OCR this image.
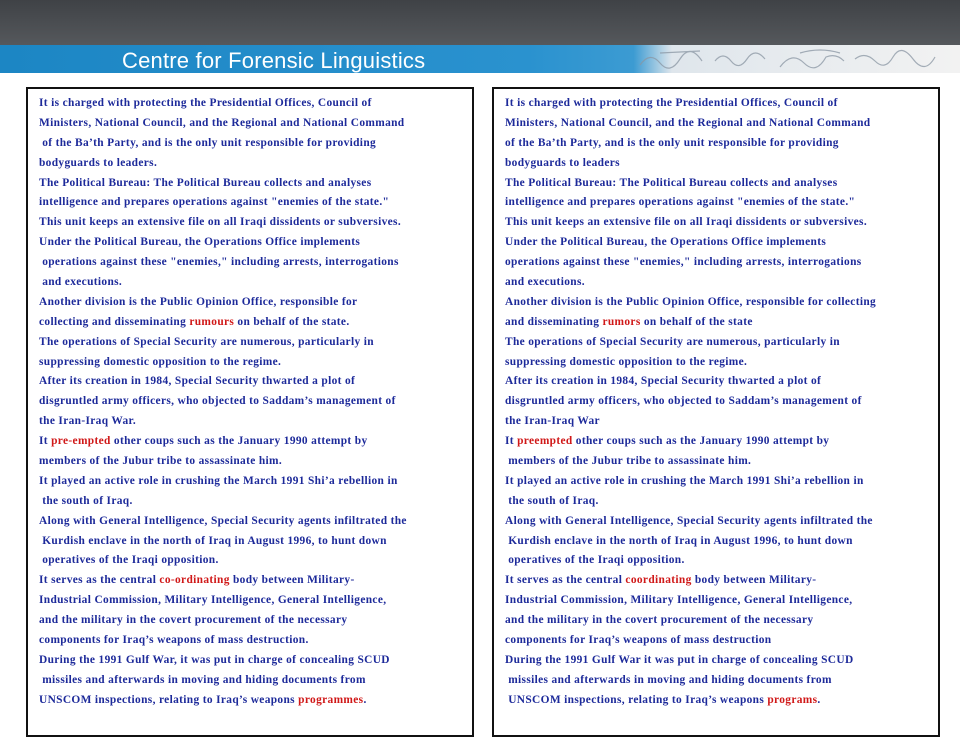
Centre for Forensic Linguistics
It is charged with protecting the Presidential Offices, Council of
Ministers, National Council, and the Regional and National Command
of the Ba’th Party, and is the only unit responsible for providing
bodyguards to leaders.
The Political Bureau: The Political Bureau collects and analyses
intelligence and prepares operations against "enemies of the state."
This unit keeps an extensive file on all Iraqi dissidents or subversives.
Under the Political Bureau, the Operations Office implements
operations against these "enemies," including arrests, interrogations
and executions.
Another division is the Public Opinion Office, responsible for
collecting and disseminating rumours on behalf of the state.
The operations of Special Security are numerous, particularly in
suppressing domestic opposition to the regime.
After its creation in 1984, Special Security thwarted a plot of
disgruntled army officers, who objected to Saddam’s management of
the Iran-Iraq War.
It pre-empted other coups such as the January 1990 attempt by
members of the Jubur tribe to assassinate him.
It played an active role in crushing the March 1991 Shi’a rebellion in
the south of Iraq.
Along with General Intelligence, Special Security agents infiltrated the
Kurdish enclave in the north of Iraq in August 1996, to hunt down
operatives of the Iraqi opposition.
It serves as the central co-ordinating body between Military-
Industrial Commission, Military Intelligence, General Intelligence,
and the military in the covert procurement of the necessary
components for Iraq’s weapons of mass destruction.
During the 1991 Gulf War, it was put in charge of concealing SCUD
missiles and afterwards in moving and hiding documents from
UNSCOM inspections, relating to Iraq’s weapons programmes.
It is charged with protecting the Presidential Offices, Council of
Ministers, National Council, and the Regional and National Command
of the Ba’th Party, and is the only unit responsible for providing
bodyguards to leaders
The Political Bureau: The Political Bureau collects and analyses
intelligence and prepares operations against "enemies of the state."
This unit keeps an extensive file on all Iraqi dissidents or subversives.
Under the Political Bureau, the Operations Office implements
operations against these "enemies," including arrests, interrogations
and executions.
Another division is the Public Opinion Office, responsible for collecting
and disseminating rumors on behalf of the state
The operations of Special Security are numerous, particularly in
suppressing domestic opposition to the regime.
After its creation in 1984, Special Security thwarted a plot of
disgruntled army officers, who objected to Saddam’s management of
the Iran-Iraq War
It preempted other coups such as the January 1990 attempt by
members of the Jubur tribe to assassinate him.
It played an active role in crushing the March 1991 Shi’a rebellion in
the south of Iraq.
Along with General Intelligence, Special Security agents infiltrated the
Kurdish enclave in the north of Iraq in August 1996, to hunt down
operatives of the Iraqi opposition.
It serves as the central coordinating body between Military-
Industrial Commission, Military Intelligence, General Intelligence,
and the military in the covert procurement of the necessary
components for Iraq’s weapons of mass destruction
During the 1991 Gulf War it was put in charge of concealing SCUD
missiles and afterwards in moving and hiding documents from
UNSCOM inspections, relating to Iraq’s weapons programs.
